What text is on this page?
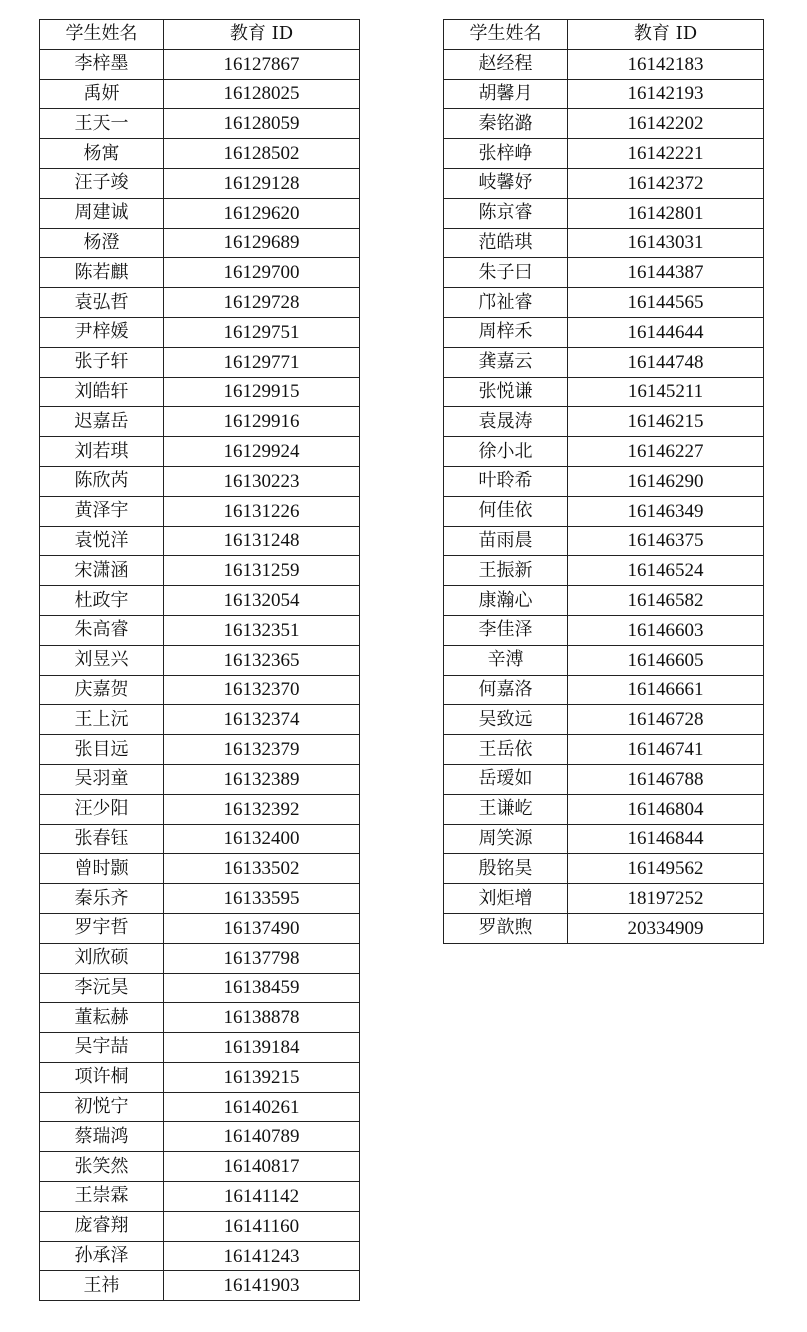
学生姓名	教育 ID
李梓墨	16127867
禹妍	16128025
王天一	16128059
杨寓	16128502
汪子竣	16129128
周建诚	16129620
杨澄	16129689
陈若麒	16129700
袁弘哲	16129728
尹梓媛	16129751
张子轩	16129771
刘皓轩	16129915
迟嘉岳	16129916
刘若琪	16129924
陈欣芮	16130223
黄泽宇	16131226
袁悦洋	16131248
宋潇涵	16131259
杜政宇	16132054
朱高睿	16132351
刘昱兴	16132365
庆嘉贺	16132370
王上沅	16132374
张目远	16132379
吴羽童	16132389
汪少阳	16132392
张春钰	16132400
曾时颢	16133502
秦乐齐	16133595
罗宇哲	16137490
刘欣硕	16137798
李沅昊	16138459
董耘赫	16138878
吴宇喆	16139184
项许桐	16139215
初悦宁	16140261
蔡瑞鸿	16140789
张笑然	16140817
王崇霖	16141142
庞睿翔	16141160
孙承泽	16141243
王祎	16141903
学生姓名	教育 ID
赵经程	16142183
胡馨月	16142193
秦铭潞	16142202
张梓峥	16142221
岐馨妤	16142372
陈京睿	16142801
范皓琪	16143031
朱子曰	16144387
邝祉睿	16144565
周梓禾	16144644
龚嘉云	16144748
张悦谦	16145211
袁晟涛	16146215
徐小北	16146227
叶聆希	16146290
何佳依	16146349
苗雨晨	16146375
王振新	16146524
康瀚心	16146582
李佳泽	16146603
辛溥	16146605
何嘉洛	16146661
吴致远	16146728
王岳依	16146741
岳瑷如	16146788
王谦屹	16146804
周笑源	16146844
殷铭昊	16149562
刘炬增	18197252
罗歆煦	20334909
